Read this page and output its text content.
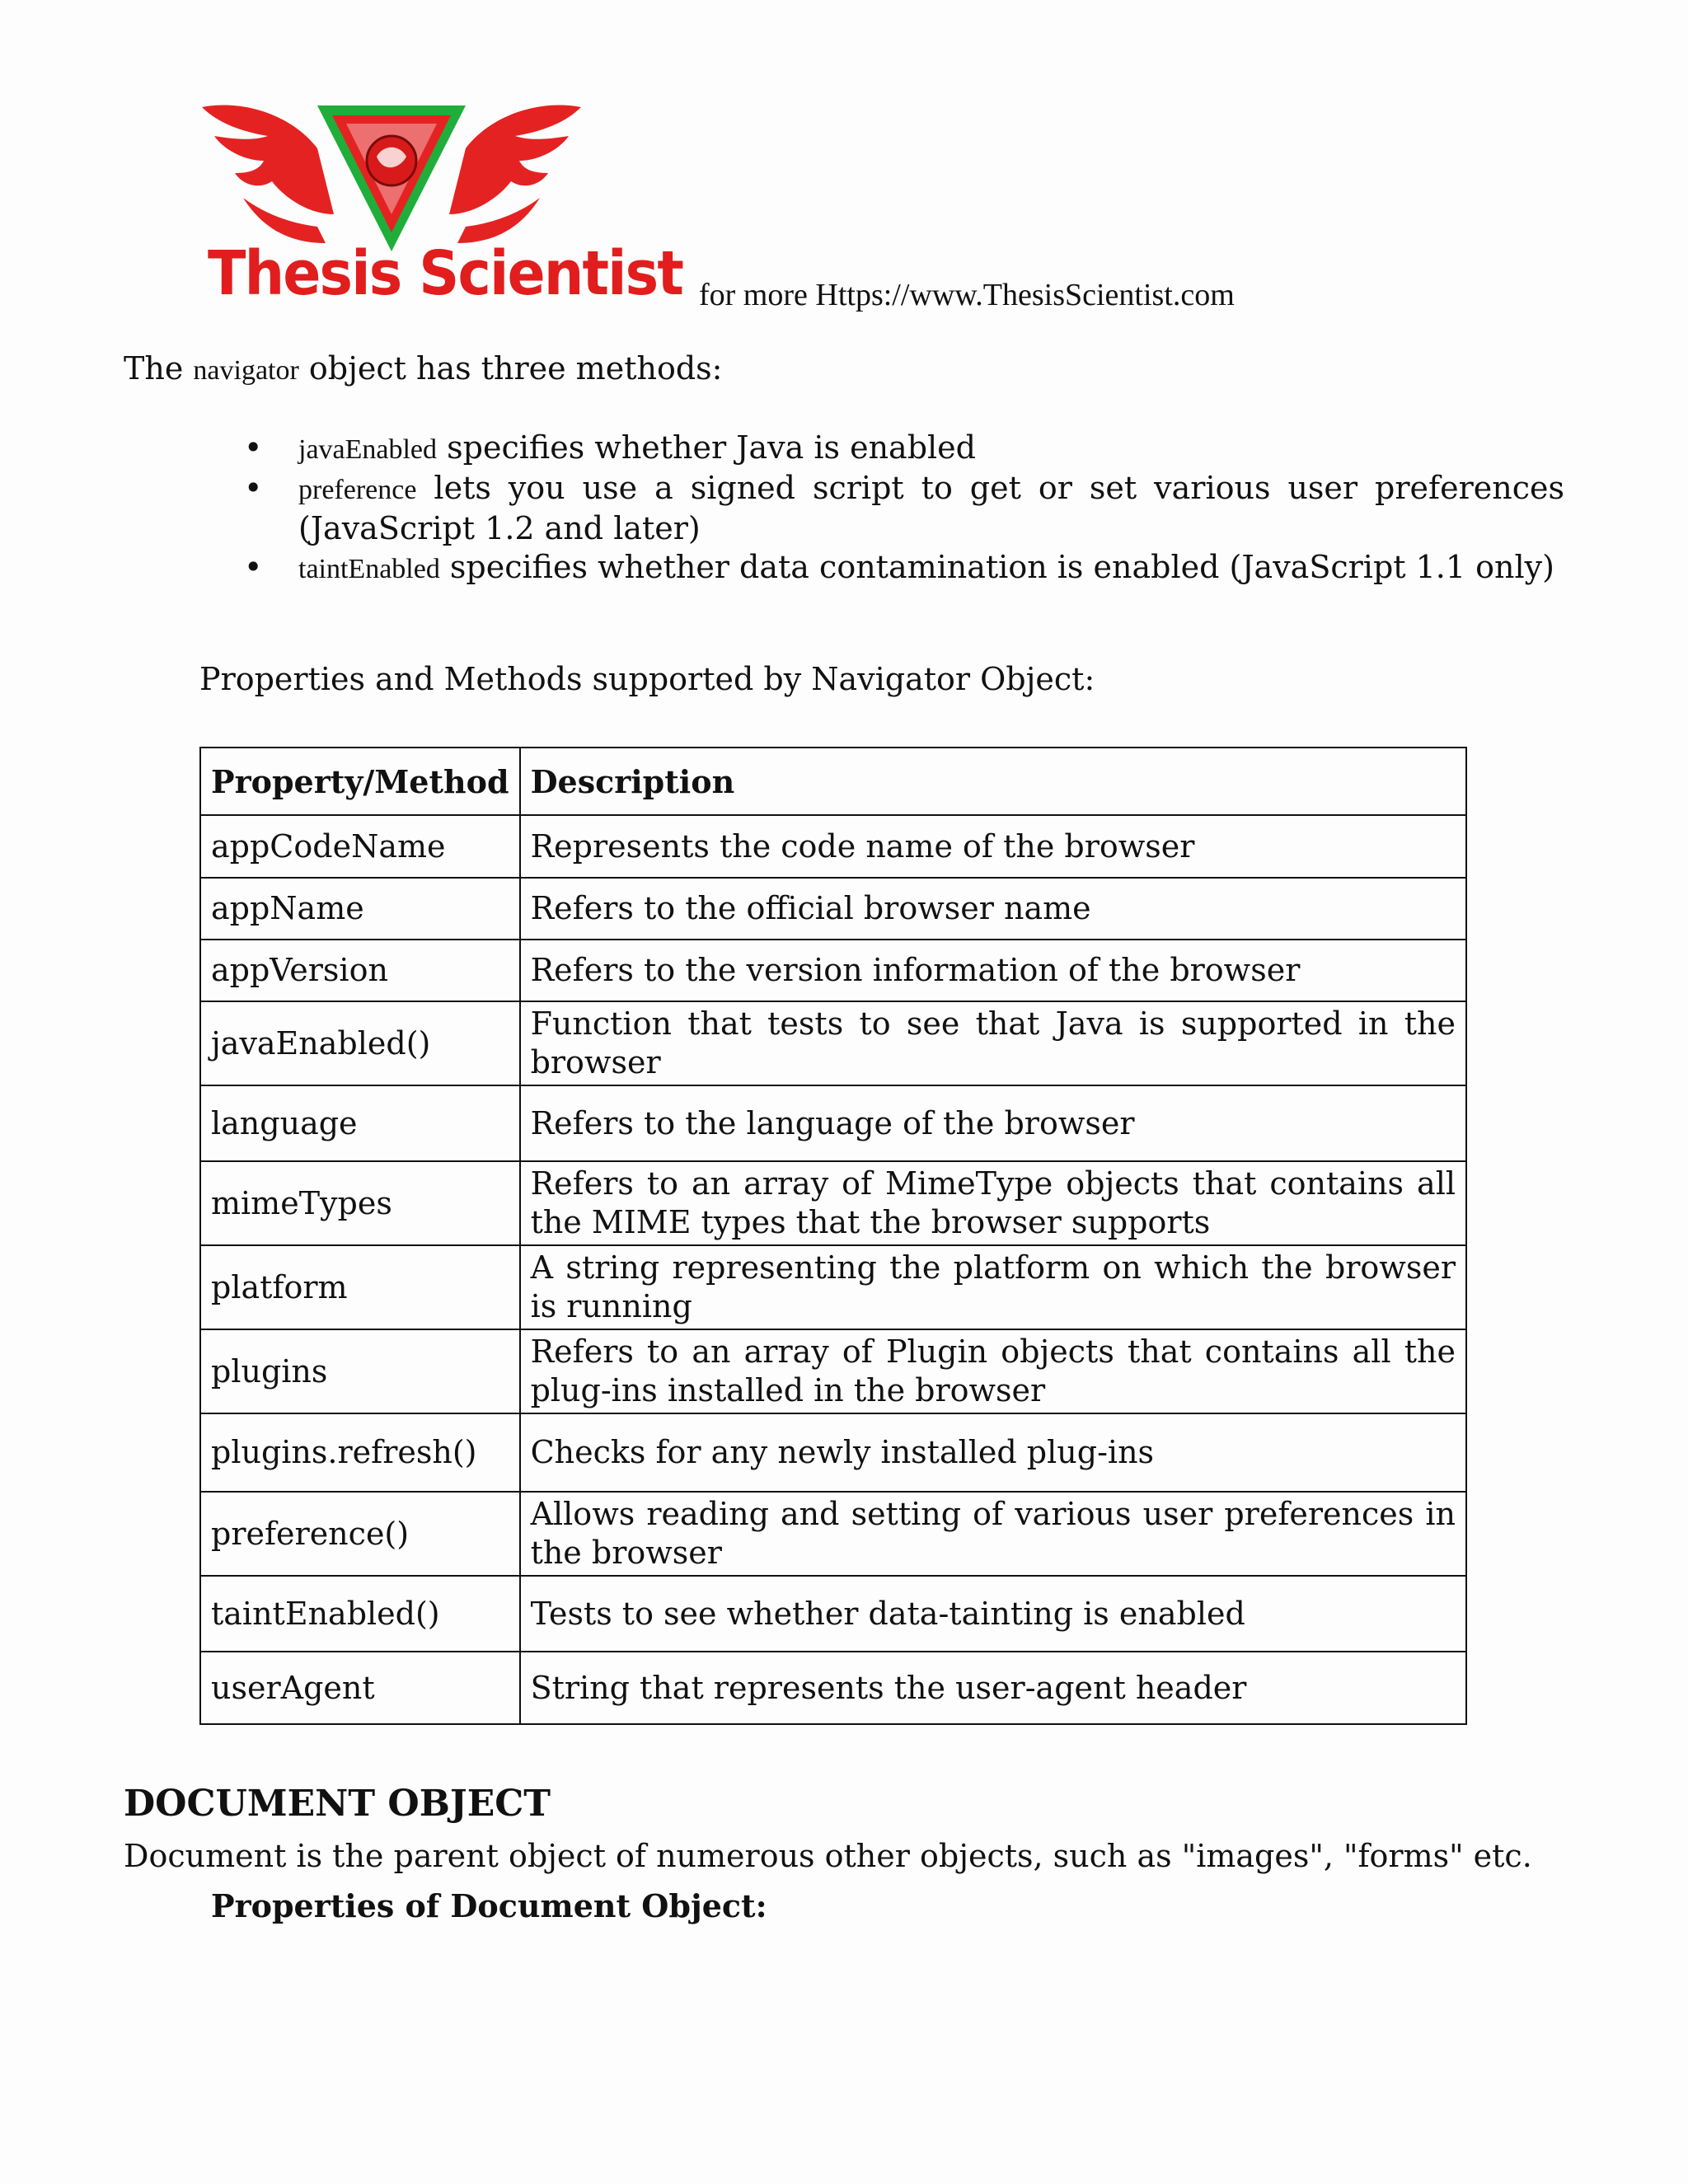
Thesis Scientist for more Https://www.ThesisScientist.com
The navigator object has three methods:
• javaEnabled specifies whether Java is enabled
• preference lets you use a signed script to get or set various user preferences (JavaScript 1.2 and later)
• taintEnabled specifies whether data contamination is enabled (JavaScript 1.1 only)
Properties and Methods supported by Navigator Object:
Property/Method	Description
appCodeName	Represents the code name of the browser
appName	Refers to the official browser name
appVersion	Refers to the version information of the browser
javaEnabled()	Function that tests to see that Java is supported in the browser
language	Refers to the language of the browser
mimeTypes	Refers to an array of MimeType objects that contains all the MIME types that the browser supports
platform	A string representing the platform on which the browser is running
plugins	Refers to an array of Plugin objects that contains all the plug-ins installed in the browser
plugins.refresh()	Checks for any newly installed plug-ins
preference()	Allows reading and setting of various user preferences in the browser
taintEnabled()	Tests to see whether data-tainting is enabled
userAgent	String that represents the user-agent header
DOCUMENT OBJECT
Document is the parent object of numerous other objects, such as "images", "forms" etc.
Properties of Document Object:
